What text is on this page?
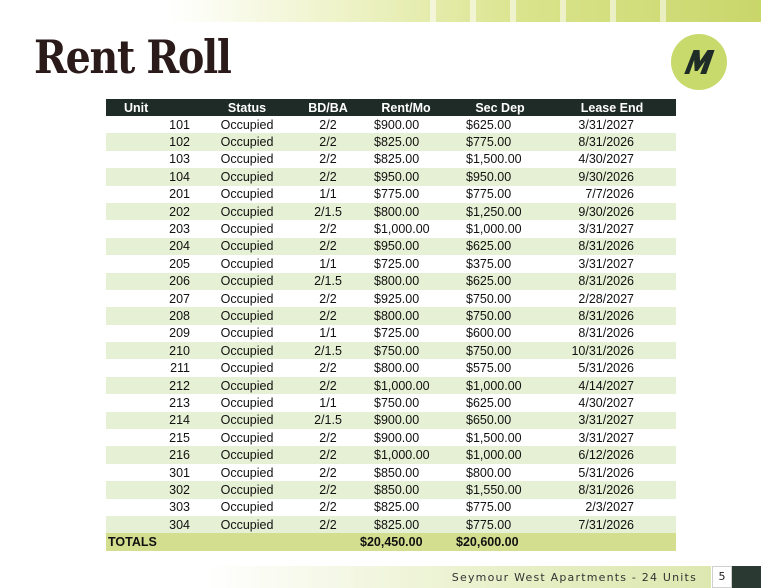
Rent Roll
Unit	Status	BD/BA	Rent/Mo	Sec Dep	Lease End
101	Occupied	2/2	$900.00	$625.00	3/31/2027
102	Occupied	2/2	$825.00	$775.00	8/31/2026
103	Occupied	2/2	$825.00	$1,500.00	4/30/2027
104	Occupied	2/2	$950.00	$950.00	9/30/2026
201	Occupied	1/1	$775.00	$775.00	7/7/2026
202	Occupied	2/1.5	$800.00	$1,250.00	9/30/2026
203	Occupied	2/2	$1,000.00	$1,000.00	3/31/2027
204	Occupied	2/2	$950.00	$625.00	8/31/2026
205	Occupied	1/1	$725.00	$375.00	3/31/2027
206	Occupied	2/1.5	$800.00	$625.00	8/31/2026
207	Occupied	2/2	$925.00	$750.00	2/28/2027
208	Occupied	2/2	$800.00	$750.00	8/31/2026
209	Occupied	1/1	$725.00	$600.00	8/31/2026
210	Occupied	2/1.5	$750.00	$750.00	10/31/2026
211	Occupied	2/2	$800.00	$575.00	5/31/2026
212	Occupied	2/2	$1,000.00	$1,000.00	4/14/2027
213	Occupied	1/1	$750.00	$625.00	4/30/2027
214	Occupied	2/1.5	$900.00	$650.00	3/31/2027
215	Occupied	2/2	$900.00	$1,500.00	3/31/2027
216	Occupied	2/2	$1,000.00	$1,000.00	6/12/2026
301	Occupied	2/2	$850.00	$800.00	5/31/2026
302	Occupied	2/2	$850.00	$1,550.00	8/31/2026
303	Occupied	2/2	$825.00	$775.00	2/3/2027
304	Occupied	2/2	$825.00	$775.00	7/31/2026
TOTALS			$20,450.00	$20,600.00	
Seymour West Apartments - 24 Units	5
